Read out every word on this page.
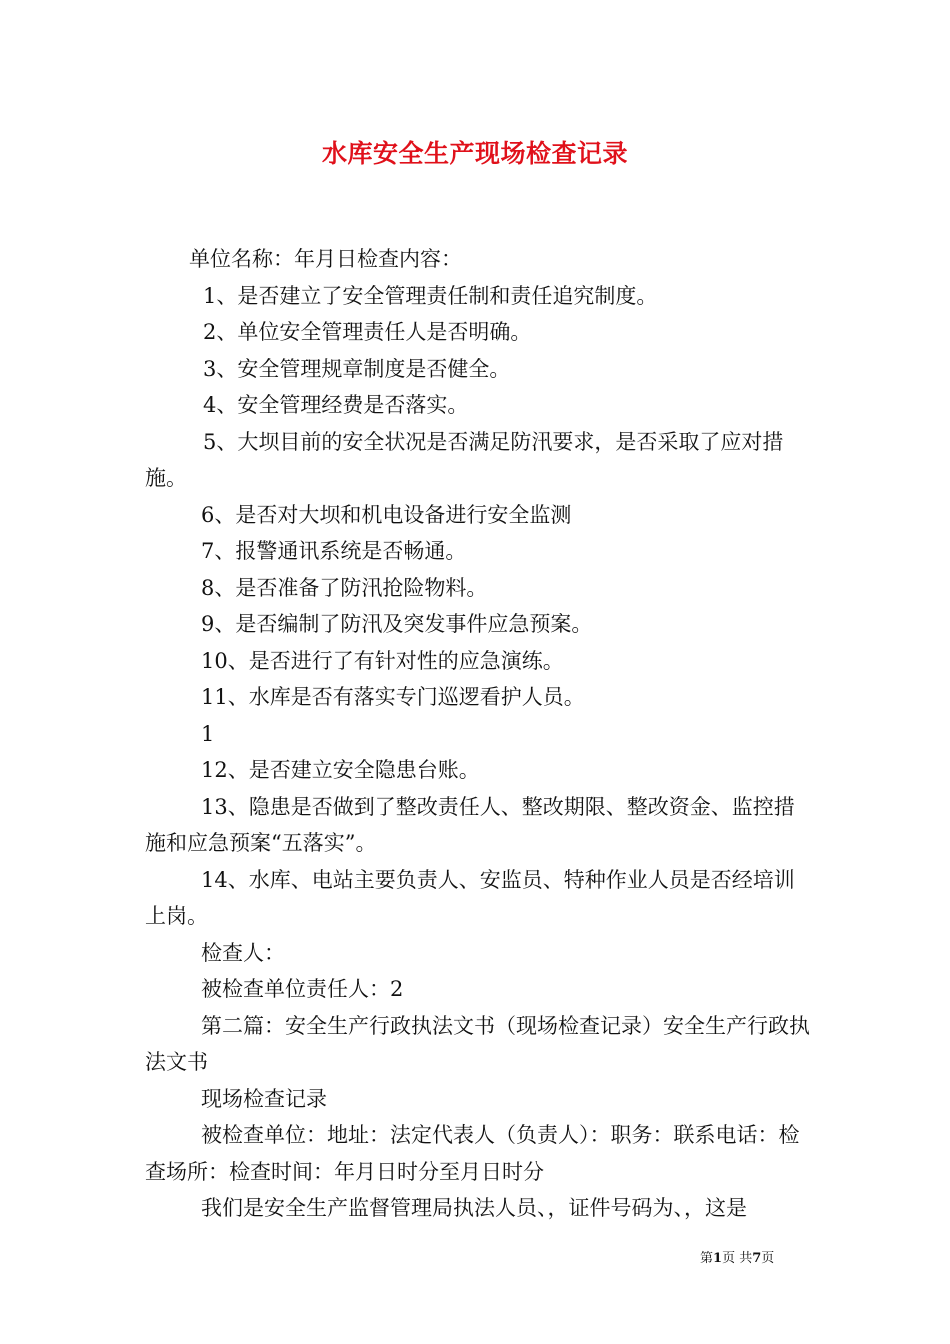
水库安全生产现场检查记录

单位名称：年月日检查内容：

1、是否建立了安全管理责任制和责任追究制度。

2、单位安全管理责任人是否明确。

3、安全管理规章制度是否健全。

4、安全管理经费是否落实。

5、大坝目前的安全状况是否满足防汛要求，是否采取了应对措施。

6、是否对大坝和机电设备进行安全监测

7、报警通讯系统是否畅通。

8、是否准备了防汛抢险物料。

9、是否编制了防汛及突发事件应急预案。

10、是否进行了有针对性的应急演练。

11、水库是否有落实专门巡逻看护人员。

1

12、是否建立安全隐患台账。

13、隐患是否做到了整改责任人、整改期限、整改资金、监控措施和应急预案“五落实”。

14、水库、电站主要负责人、安监员、特种作业人员是否经培训上岗。

检查人：

被检查单位责任人：2

第二篇：安全生产行政执法文书（现场检查记录）安全生产行政执法文书

现场检查记录

被检查单位：地址：法定代表人（负责人）：职务：联系电话：检查场所：检查时间：年月日时分至月日时分

我们是安全生产监督管理局执法人员、，证件号码为、，这是

第1页 共7页
